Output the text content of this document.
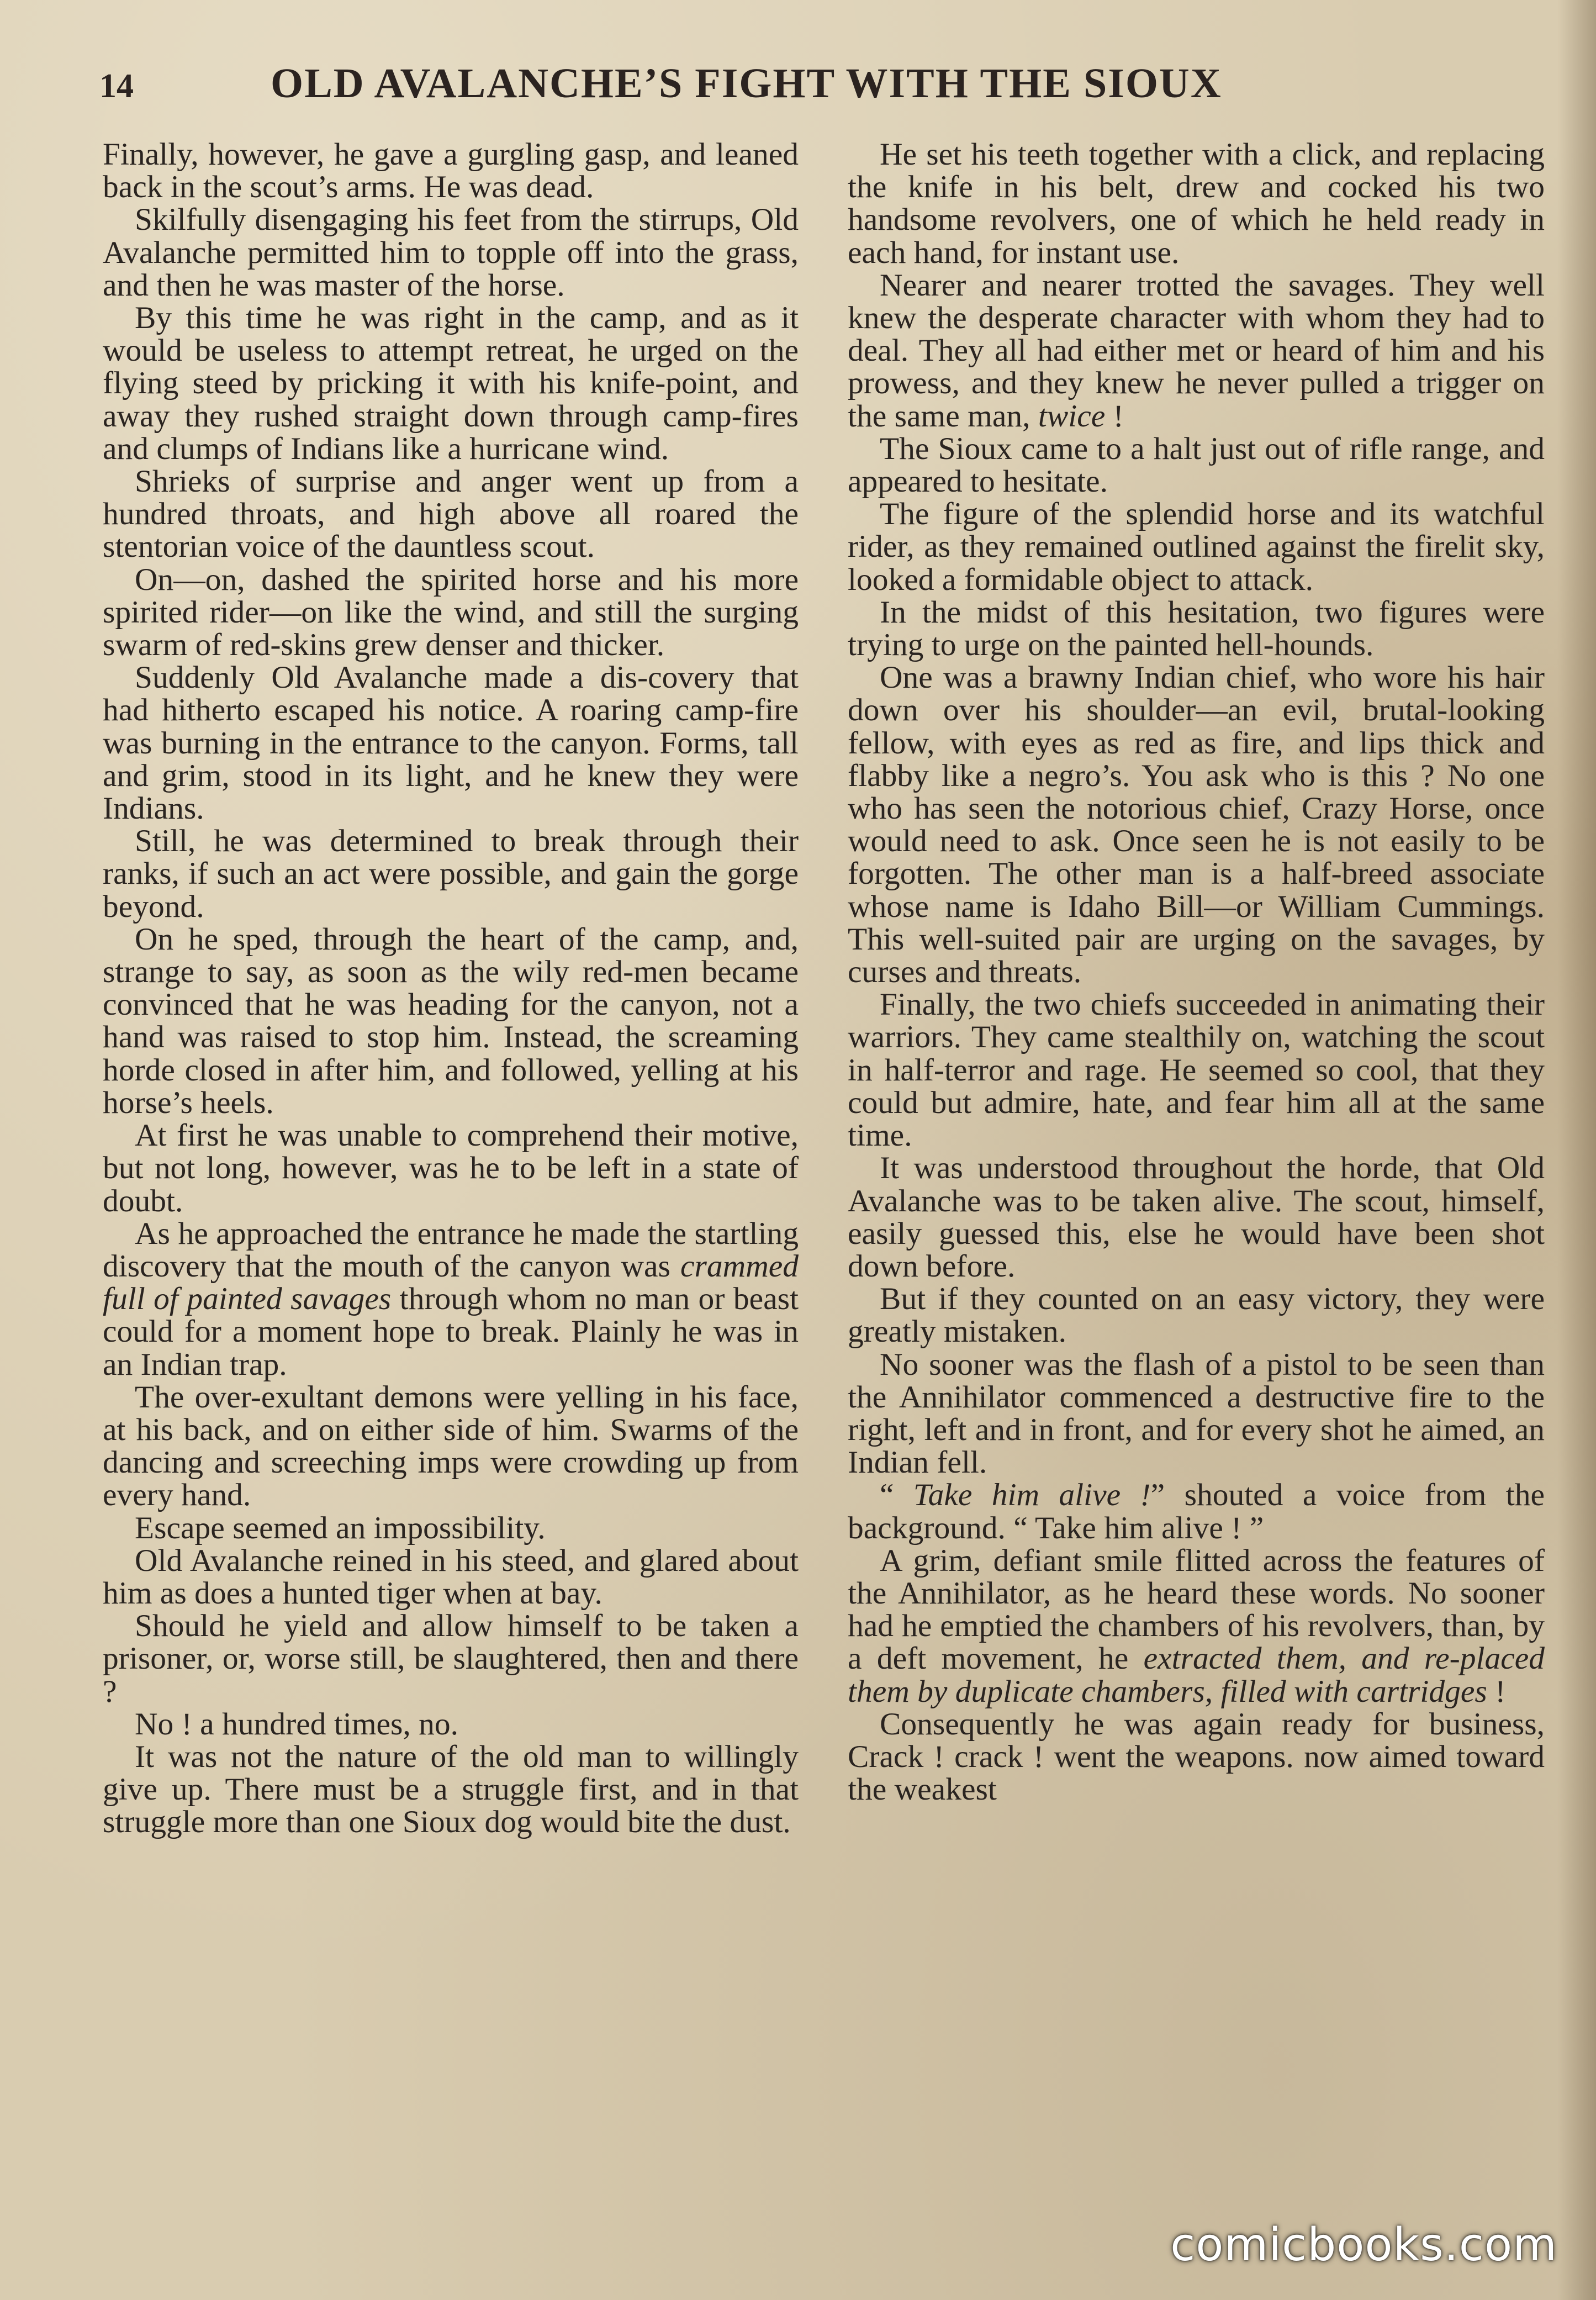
14	OLD AVALANCHE’S FIGHT WITH THE SIOUX

Finally, however, he gave a gurgling gasp, and leaned back in the scout’s arms. He was dead.

Skilfully disengaging his feet from the stirrups, Old Avalanche permitted him to topple off into the grass, and then he was master of the horse.

By this time he was right in the camp, and as it would be useless to attempt retreat, he urged on the flying steed by pricking it with his knife-point, and away they rushed straight down through camp-fires and clumps of Indians like a hurricane wind.

Shrieks of surprise and anger went up from a hundred throats, and high above all roared the stentorian voice of the dauntless scout.

On—on, dashed the spirited horse and his more spirited rider—on like the wind, and still the surging swarm of red-skins grew denser and thicker.

Suddenly Old Avalanche made a dis-covery that had hitherto escaped his notice. A roaring camp-fire was burning in the entrance to the canyon. Forms, tall and grim, stood in its light, and he knew they were Indians.

Still, he was determined to break through their ranks, if such an act were possible, and gain the gorge beyond.

On he sped, through the heart of the camp, and, strange to say, as soon as the wily red-men became convinced that he was heading for the canyon, not a hand was raised to stop him. Instead, the screaming horde closed in after him, and followed, yelling at his horse’s heels.

At first he was unable to comprehend their motive, but not long, however, was he to be left in a state of doubt.

As he approached the entrance he made the startling discovery that the mouth of the canyon was crammed full of painted savages through whom no man or beast could for a moment hope to break. Plainly he was in an Indian trap.

The over-exultant demons were yelling in his face, at his back, and on either side of him. Swarms of the dancing and screeching imps were crowding up from every hand.

Escape seemed an impossibility.

Old Avalanche reined in his steed, and glared about him as does a hunted tiger when at bay.

Should he yield and allow himself to be taken a prisoner, or, worse still, be slaughtered, then and there ?

No ! a hundred times, no.

It was not the nature of the old man to willingly give up. There must be a struggle first, and in that struggle more than one Sioux dog would bite the dust.

He set his teeth together with a click, and replacing the knife in his belt, drew and cocked his two handsome revolvers, one of which he held ready in each hand, for instant use.

Nearer and nearer trotted the savages. They well knew the desperate character with whom they had to deal. They all had either met or heard of him and his prowess, and they knew he never pulled a trigger on the same man, twice !

The Sioux came to a halt just out of rifle range, and appeared to hesitate.

The figure of the splendid horse and its watchful rider, as they remained outlined against the firelit sky, looked a formidable object to attack.

In the midst of this hesitation, two figures were trying to urge on the painted hell-hounds.

One was a brawny Indian chief, who wore his hair down over his shoulder—an evil, brutal-looking fellow, with eyes as red as fire, and lips thick and flabby like a negro’s. You ask who is this ? No one who has seen the notorious chief, Crazy Horse, once would need to ask. Once seen he is not easily to be forgotten. The other man is a half-breed associate whose name is Idaho Bill—or William Cummings. This well-suited pair are urging on the savages, by curses and threats.

Finally, the two chiefs succeeded in animating their warriors. They came stealthily on, watching the scout in half-terror and rage. He seemed so cool, that they could but admire, hate, and fear him all at the same time.

It was understood throughout the horde, that Old Avalanche was to be taken alive. The scout, himself, easily guessed this, else he would have been shot down before.

But if they counted on an easy victory, they were greatly mistaken.

No sooner was the flash of a pistol to be seen than the Annihilator commenced a destructive fire to the right, left and in front, and for every shot he aimed, an Indian fell.

“ Take him alive !” shouted a voice from the background. “ Take him alive ! ”

A grim, defiant smile flitted across the features of the Annihilator, as he heard these words. No sooner had he emptied the chambers of his revolvers, than, by a deft movement, he extracted them, and re-placed them by duplicate chambers, filled with cartridges !

Consequently he was again ready for business, Crack ! crack ! went the weapons. now aimed toward the weakest

comicbooks.com
